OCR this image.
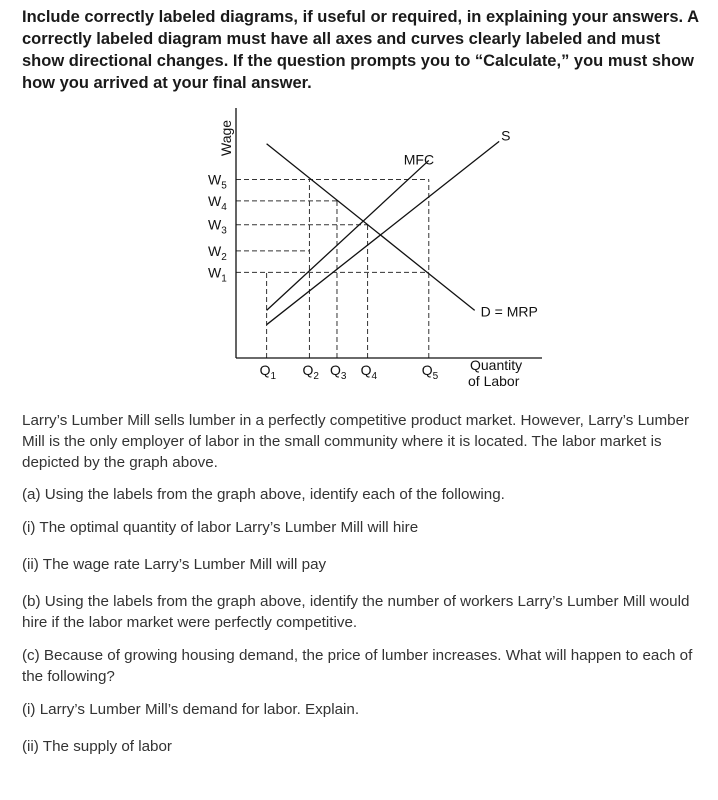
Include correctly labeled diagrams, if useful or required, in explaining your answers. A correctly labeled diagram must have all axes and curves clearly labeled and must show directional changes. If the question prompts you to “Calculate,” you must show how you arrived at your final answer.
MFC
S
D = MRP
Wage
$W_5$
$W_4$
$W_3$
$W_2$
$W_1$
$Q_1$ $Q_2$ $Q_3$ $Q_4$	$Q_5$
Quantity of Labor

Larry’s Lumber Mill sells lumber in a perfectly competitive product market. However, Larry’s Lumber Mill is the only employer of labor in the small community where it is located. The labor market is depicted by the graph above.

(a) Using the labels from the graph above, identify each of the following.

(i) The optimal quantity of labor Larry’s Lumber Mill will hire

(ii) The wage rate Larry’s Lumber Mill will pay

(b) Using the labels from the graph above, identify the number of workers Larry’s Lumber Mill would hire if the labor market were perfectly competitive.

(c) Because of growing housing demand, the price of lumber increases. What will happen to each of the following?

(i) Larry’s Lumber Mill’s demand for labor. Explain.

(ii) The supply of labor
